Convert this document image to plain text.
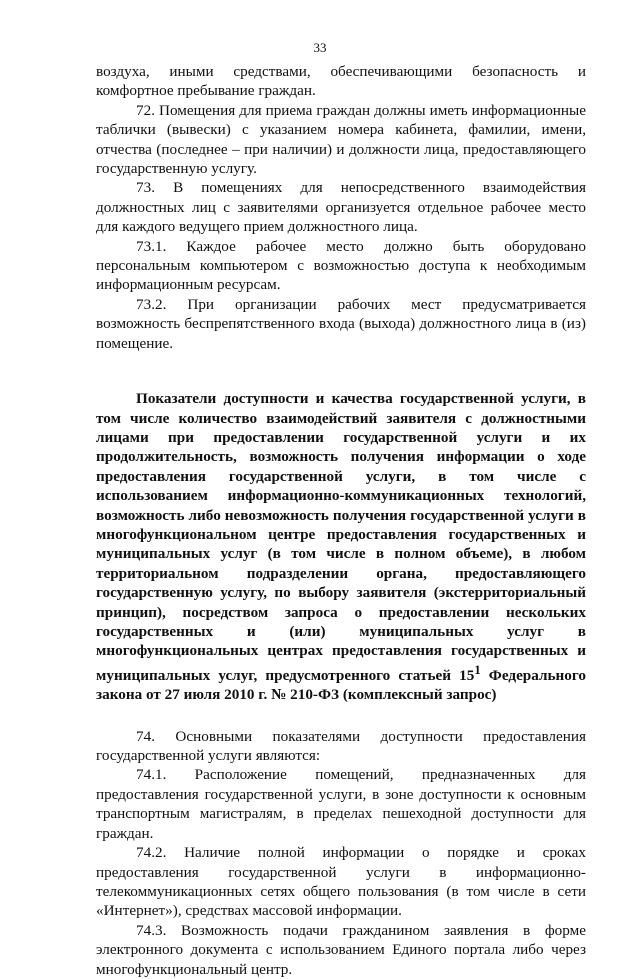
33

воздуха, иными средствами, обеспечивающими безопасность и комфортное пребывание граждан.

72. Помещения для приема граждан должны иметь информационные таблички (вывески) с указанием номера кабинета, фамилии, имени, отчества (последнее – при наличии) и должности лица, предоставляющего государственную услугу.

73. В помещениях для непосредственного взаимодействия должностных лиц с заявителями организуется отдельное рабочее место для каждого ведущего прием должностного лица.

73.1. Каждое рабочее место должно быть оборудовано персональным компьютером с возможностью доступа к необходимым информационным ресурсам.

73.2. При организации рабочих мест предусматривается возможность беспрепятственного входа (выхода) должностного лица в (из) помещение.

Показатели доступности и качества государственной услуги, в том числе количество взаимодействий заявителя с должностными лицами при предоставлении государственной услуги и их продолжительность, возможность получения информации о ходе предоставления государственной услуги, в том числе с использованием информационно-коммуникационных технологий, возможность либо невозможность получения государственной услуги в многофункциональном центре предоставления государственных и муниципальных услуг (в том числе в полном объеме), в любом территориальном подразделении органа, предоставляющего государственную услугу, по выбору заявителя (экстерриториальный принцип), посредством запроса о предоставлении нескольких государственных и (или) муниципальных услуг в многофункциональных центрах предоставления государственных и муниципальных услуг, предусмотренного статьей $15^1$ Федерального закона от 27 июля 2010 г. № 210-ФЗ (комплексный запрос)

74. Основными показателями доступности предоставления государственной услуги являются:

74.1. Расположение помещений, предназначенных для предоставления государственной услуги, в зоне доступности к основным транспортным магистралям, в пределах пешеходной доступности для граждан.

74.2. Наличие полной информации о порядке и сроках предоставления государственной услуги в информационно-телекоммуникационных сетях общего пользования (в том числе в сети «Интернет»), средствах массовой информации.

74.3. Возможность подачи гражданином заявления в форме электронного документа с использованием Единого портала либо через многофункциональный центр.
